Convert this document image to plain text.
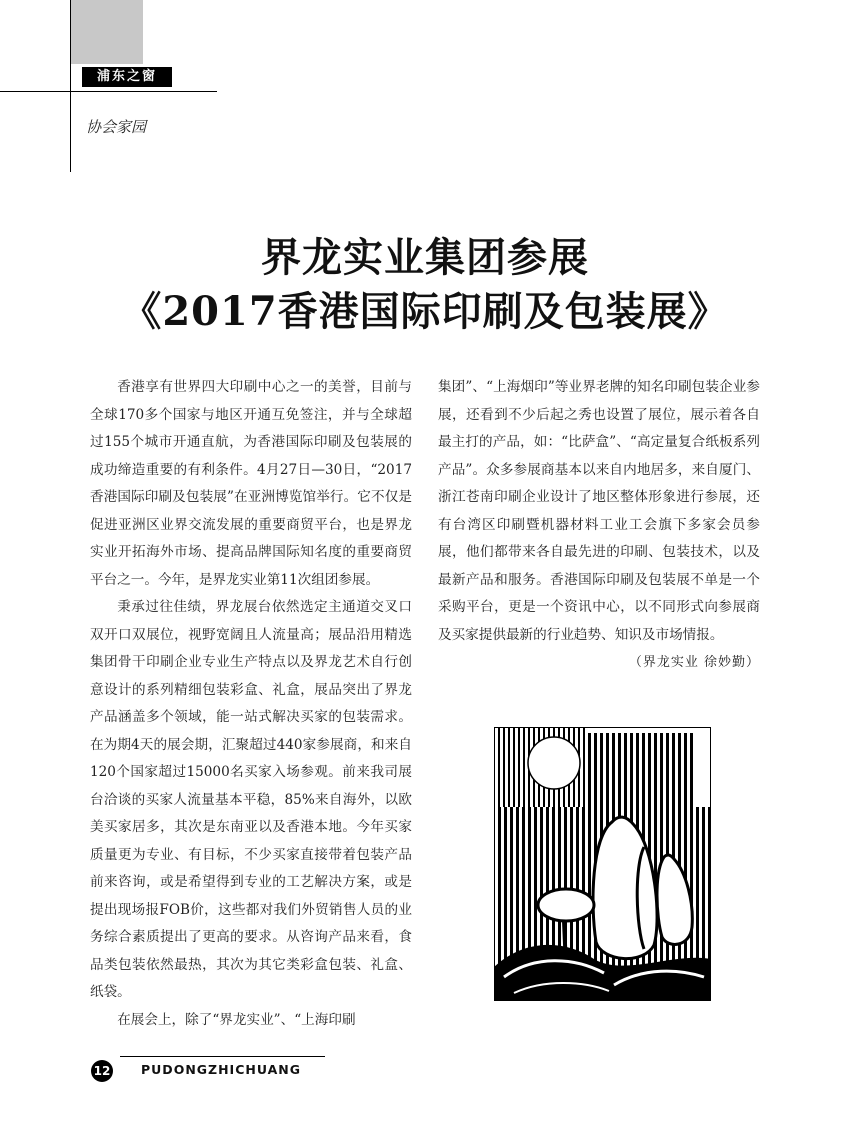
浦东之窗
协会家园
界龙实业集团参展
《2017香港国际印刷及包装展》

香港享有世界四大印刷中心之一的美誉，目前与全球170多个国家与地区开通互免签注，并与全球超过155个城市开通直航，为香港国际印刷及包装展的成功缔造重要的有利条件。4月27日—30日，“2017香港国际印刷及包装展”在亚洲博览馆举行。它不仅是促进亚洲区业界交流发展的重要商贸平台，也是界龙实业开拓海外市场、提高品牌国际知名度的重要商贸平台之一。今年，是界龙实业第11次组团参展。

秉承过往佳绩，界龙展台依然选定主通道交叉口双开口双展位，视野宽阔且人流量高；展品沿用精选集团骨干印刷企业专业生产特点以及界龙艺术自行创意设计的系列精细包装彩盒、礼盒，展品突出了界龙产品涵盖多个领域，能一站式解决买家的包装需求。在为期4天的展会期，汇聚超过440家参展商，和来自120个国家超过15000名买家入场参观。前来我司展台洽谈的买家人流量基本平稳，85%来自海外，以欧美买家居多，其次是东南亚以及香港本地。今年买家质量更为专业、有目标，不少买家直接带着包装产品前来咨询，或是希望得到专业的工艺解决方案，或是提出现场报FOB价，这些都对我们外贸销售人员的业务综合素质提出了更高的要求。从咨询产品来看，食品类包装依然最热，其次为其它类彩盒包装、礼盒、纸袋。

在展会上，除了“界龙实业”、“上海印刷

集团”、“上海烟印”等业界老牌的知名印刷包装企业参展，还看到不少后起之秀也设置了展位，展示着各自最主打的产品，如：“比萨盒”、“高定量复合纸板系列产品”。众多参展商基本以来自内地居多，来自厦门、浙江苍南印刷企业设计了地区整体形象进行参展，还有台湾区印刷暨机器材料工业工会旗下多家会员参展，他们都带来各自最先进的印刷、包装技术，以及最新产品和服务。香港国际印刷及包装展不单是一个采购平台，更是一个资讯中心，以不同形式向参展商及买家提供最新的行业趋势、知识及市场情报。

（界龙实业 徐妙勤）

12 PUDONGZHICHUANG
